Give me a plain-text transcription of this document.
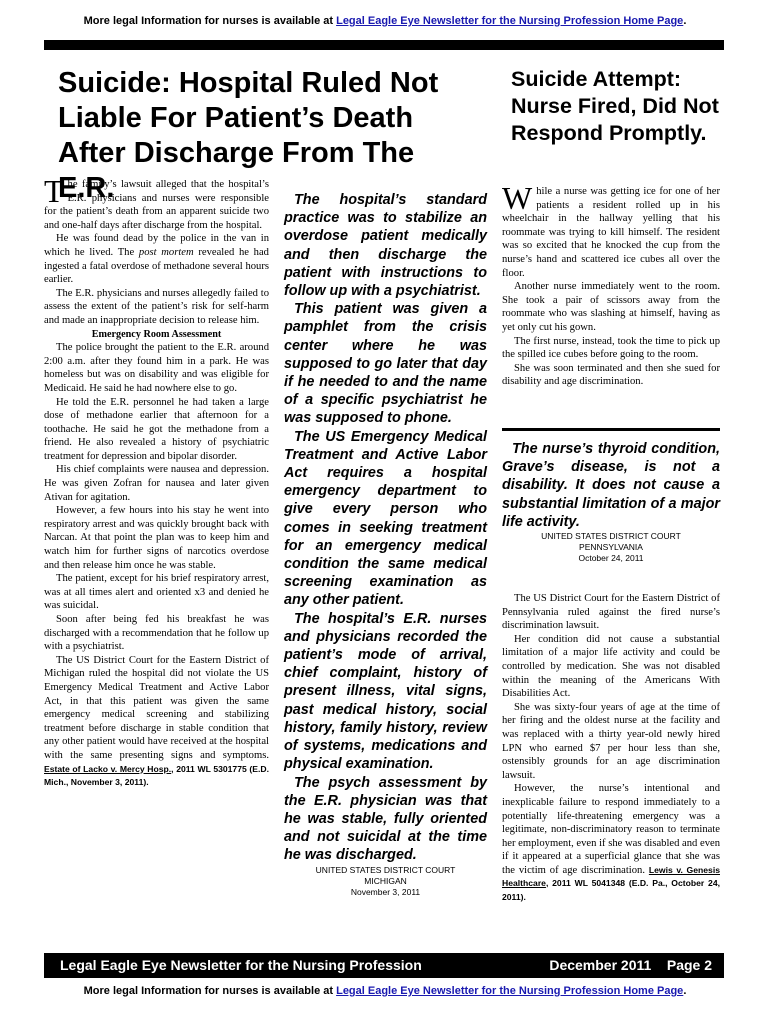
More legal Information for nurses is available at Legal Eagle Eye Newsletter for the Nursing Profession Home Page.
Suicide: Hospital Ruled Not Liable For Patient’s Death After Discharge From The E.R.
Suicide Attempt: Nurse Fired, Did Not Respond Promptly.

The family’s lawsuit alleged that the hospital’s E.R. physicians and nurses were responsible for the patient’s death from an apparent suicide two and one-half days after discharge from the hospital.

He was found dead by the police in the van in which he lived. The post mortem revealed he had ingested a fatal overdose of methadone several hours earlier.

The E.R. physicians and nurses allegedly failed to assess the extent of the patient’s risk for self-harm and made an inappropriate decision to release him.

Emergency Room Assessment

The police brought the patient to the E.R. around 2:00 a.m. after they found him in a park. He was homeless but was on disability and was eligible for Medicaid. He said he had nowhere else to go.

He told the E.R. personnel he had taken a large dose of methadone earlier that afternoon for a toothache. He said he got the methadone from a friend. He also revealed a history of psychiatric treatment for depression and bipolar disorder.

His chief complaints were nausea and depression. He was given Zofran for nausea and later given Ativan for agitation.

However, a few hours into his stay he went into respiratory arrest and was quickly brought back with Narcan. At that point the plan was to keep him and watch him for further signs of narcotics overdose and then release him once he was stable.

The patient, except for his brief respiratory arrest, was at all times alert and oriented x3 and denied he was suicidal.

Soon after being fed his breakfast he was discharged with a recommendation that he follow up with a psychiatrist.

The US District Court for the Eastern District of Michigan ruled the hospital did not violate the US Emergency Medical Treatment and Active Labor Act, in that this patient was given the same emergency medical screening and stabilizing treatment before discharge in stable condition that any other patient would have received at the hospital with the same presenting signs and symptoms. Estate of Lacko v. Mercy Hosp., 2011 WL 5301775 (E.D. Mich., November 3, 2011).

The hospital’s standard practice was to stabilize an overdose patient medically and then discharge the patient with instructions to follow up with a psychiatrist.

This patient was given a pamphlet from the crisis center where he was supposed to go later that day if he needed to and the name of a specific psychiatrist he was supposed to phone.

The US Emergency Medical Treatment and Active Labor Act requires a hospital emergency department to give every person who comes in seeking treatment for an emergency medical condition the same medical screening examination as any other patient.

The hospital’s E.R. nurses and physicians recorded the patient’s mode of arrival, chief complaint, history of present illness, vital signs, past medical history, social history, family history, review of systems, medications and physical examination.

The psych assessment by the E.R. physician was that he was stable, fully oriented and not suicidal at the time he was discharged.

UNITED STATES DISTRICT COURT
MICHIGAN
November 3, 2011

While a nurse was getting ice for one of her patients a resident rolled up in his wheelchair in the hallway yelling that his roommate was trying to kill himself. The resident was so excited that he knocked the cup from the nurse’s hand and scattered ice cubes all over the floor.

Another nurse immediately went to the room. She took a pair of scissors away from the roommate who was slashing at himself, having as yet only cut his gown.

The first nurse, instead, took the time to pick up the spilled ice cubes before going to the room.

She was soon terminated and then she sued for disability and age discrimination.

The nurse’s thyroid condition, Grave’s disease, is not a disability. It does not cause a substantial limitation of a major life activity.

UNITED STATES DISTRICT COURT
PENNSYLVANIA
October 24, 2011

The US District Court for the Eastern District of Pennsylvania ruled against the fired nurse’s discrimination lawsuit.

Her condition did not cause a substantial limitation of a major life activity and could be controlled by medication. She was not disabled within the meaning of the Americans With Disabilities Act.

She was sixty-four years of age at the time of her firing and the oldest nurse at the facility and was replaced with a thirty year-old newly hired LPN who earned $7 per hour less than she, ostensibly grounds for an age discrimination lawsuit.

However, the nurse’s intentional and inexplicable failure to respond immediately to a potentially life-threatening emergency was a legitimate, non-discriminatory reason to terminate her employment, even if she was disabled and even if it appeared at a superficial glance that she was the victim of age discrimination. Lewis v. Genesis Healthcare, 2011 WL 5041348 (E.D. Pa., October 24, 2011).

Legal Eagle Eye Newsletter for the Nursing Profession	December 2011    Page 2
More legal Information for nurses is available at Legal Eagle Eye Newsletter for the Nursing Profession Home Page.
